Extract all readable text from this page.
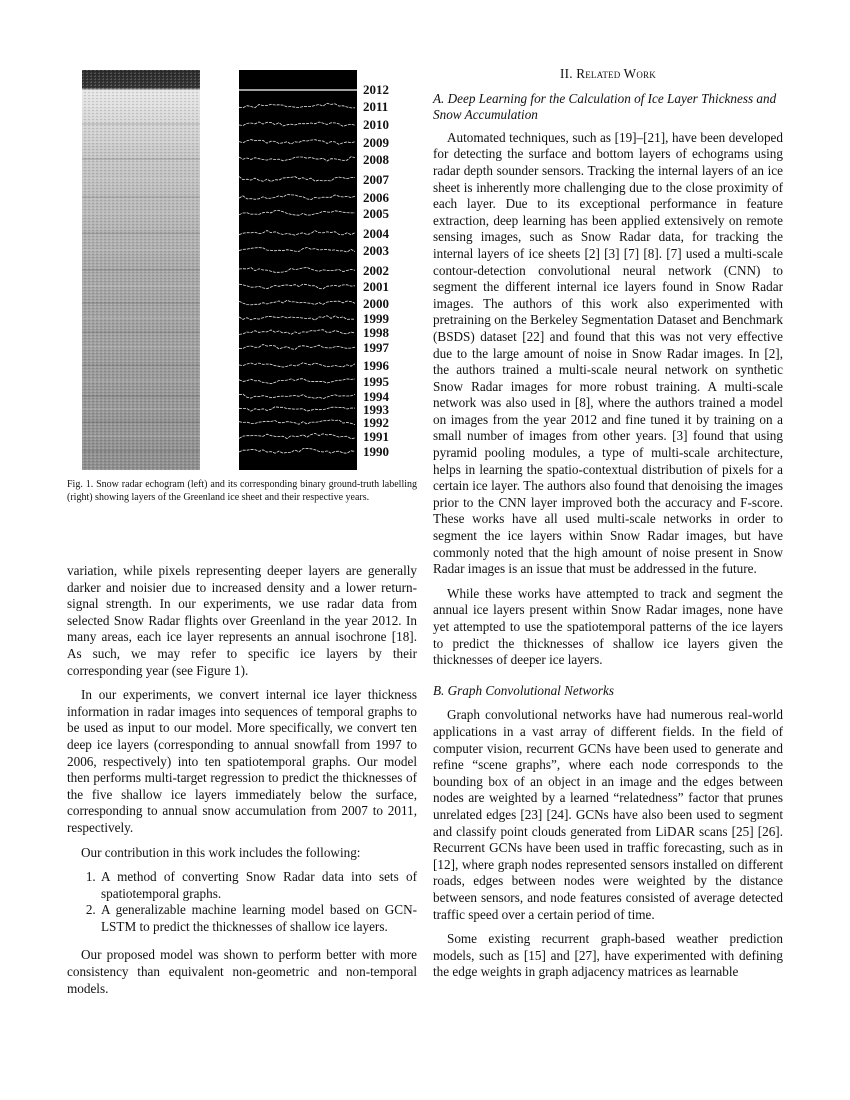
2012
2011
2010
2009
2008
2007
2006
2005
2004
2003
2002
2001
2000
1999
1998
1997
1996
1995
1994
1993
1992
1991
1990
Fig. 1. Snow radar echogram (left) and its corresponding binary ground-truth labelling (right) showing layers of the Greenland ice sheet and their respective years.

variation, while pixels representing deeper layers are generally darker and noisier due to increased density and a lower return-signal strength. In our experiments, we use radar data from selected Snow Radar flights over Greenland in the year 2012. In many areas, each ice layer represents an annual isochrone [18]. As such, we may refer to specific ice layers by their corresponding year (see Figure 1).

In our experiments, we convert internal ice layer thickness information in radar images into sequences of temporal graphs to be used as input to our model. More specifically, we convert ten deep ice layers (corresponding to annual snowfall from 1997 to 2006, respectively) into ten spatiotemporal graphs. Our model then performs multi-target regression to predict the thicknesses of the five shallow ice layers immediately below the surface, corresponding to annual snow accumulation from 2007 to 2011, respectively.

Our contribution in this work includes the following:

1. A method of converting Snow Radar data into sets of spatiotemporal graphs.
2. A generalizable machine learning model based on GCN-LSTM to predict the thicknesses of shallow ice layers.

Our proposed model was shown to perform better with more consistency than equivalent non-geometric and non-temporal models.

II. Related Work
A. Deep Learning for the Calculation of Ice Layer Thickness and Snow Accumulation

Automated techniques, such as [19]–[21], have been developed for detecting the surface and bottom layers of echograms using radar depth sounder sensors. Tracking the internal layers of an ice sheet is inherently more challenging due to the close proximity of each layer. Due to its exceptional performance in feature extraction, deep learning has been applied extensively on remote sensing images, such as Snow Radar data, for tracking the internal layers of ice sheets [2] [3] [7] [8]. [7] used a multi-scale contour-detection convolutional neural network (CNN) to segment the different internal ice layers found in Snow Radar images. The authors of this work also experimented with pretraining on the Berkeley Segmentation Dataset and Benchmark (BSDS) dataset [22] and found that this was not very effective due to the large amount of noise in Snow Radar images. In [2], the authors trained a multi-scale neural network on synthetic Snow Radar images for more robust training. A multi-scale network was also used in [8], where the authors trained a model on images from the year 2012 and fine tuned it by training on a small number of images from other years. [3] found that using pyramid pooling modules, a type of multi-scale architecture, helps in learning the spatio-contextual distribution of pixels for a certain ice layer. The authors also found that denoising the images prior to the CNN layer improved both the accuracy and F-score. These works have all used multi-scale networks in order to segment the ice layers within Snow Radar images, but have commonly noted that the high amount of noise present in Snow Radar images is an issue that must be addressed in the future.

While these works have attempted to track and segment the annual ice layers present within Snow Radar images, none have yet attempted to use the spatiotemporal patterns of the ice layers to predict the thicknesses of shallow ice layers given the thicknesses of deeper ice layers.

B. Graph Convolutional Networks

Graph convolutional networks have had numerous real-world applications in a vast array of different fields. In the field of computer vision, recurrent GCNs have been used to generate and refine “scene graphs”, where each node corresponds to the bounding box of an object in an image and the edges between nodes are weighted by a learned “relatedness” factor that prunes unrelated edges [23] [24]. GCNs have also been used to segment and classify point clouds generated from LiDAR scans [25] [26]. Recurrent GCNs have been used in traffic forecasting, such as in [12], where graph nodes represented sensors installed on different roads, edges between nodes were weighted by the distance between sensors, and node features consisted of average detected traffic speed over a certain period of time.

Some existing recurrent graph-based weather prediction models, such as [15] and [27], have experimented with defining the edge weights in graph adjacency matrices as learnable
